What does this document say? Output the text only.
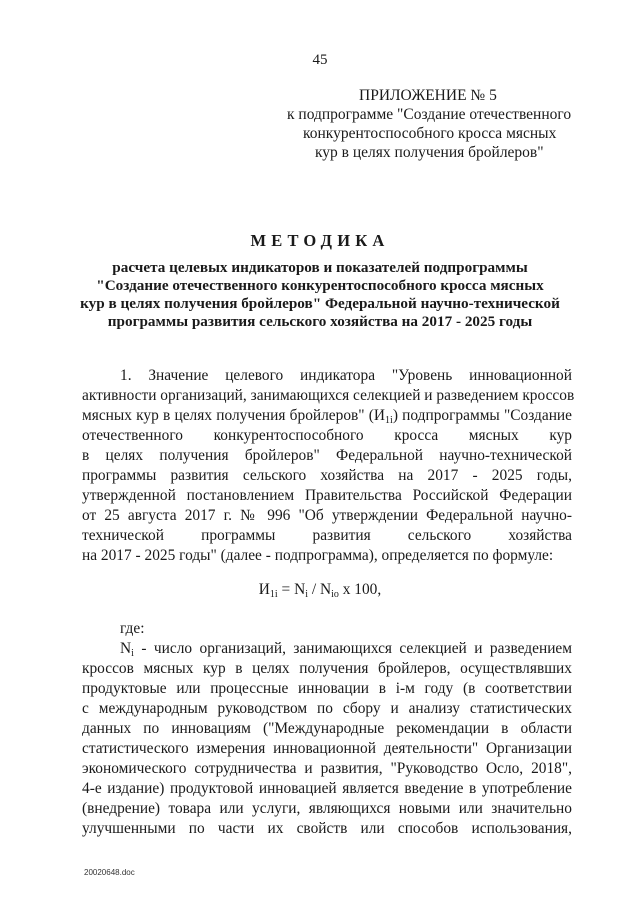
45
ПРИЛОЖЕНИЕ № 5
к подпрограмме "Создание отечественного
конкурентоспособного кросса мясных
кур в целях получения бройлеров"
МЕТОДИКА
расчета целевых индикаторов и показателей подпрограммы
"Создание отечественного конкурентоспособного кросса мясных
кур в целях получения бройлеров" Федеральной научно-технической
программы развития сельского хозяйства на 2017 - 2025 годы
1. Значение целевого индикатора "Уровень инновационной
активности организаций, занимающихся селекцией и разведением кроссов
мясных кур в целях получения бройлеров" $(И_{1i})$ подпрограммы "Создание
отечественного конкурентоспособного кросса мясных кур
в целях получения бройлеров" Федеральной научно-технической
программы развития сельского хозяйства на 2017 - 2025 годы,
утвержденной постановлением Правительства Российской Федерации
от 25 августа 2017 г. № 996 "Об утверждении Федеральной научно-
технической программы развития сельского хозяйства
на 2017 - 2025 годы" (далее - подпрограмма), определяется по формуле:
$И_{1i} = N_i / N_{io}$ x 100,
где:
$N_i$ - число организаций, занимающихся селекцией и разведением
кроссов мясных кур в целях получения бройлеров, осуществлявших
продуктовые или процессные инновации в i-м году (в соответствии
с международным руководством по сбору и анализу статистических
данных по инновациям ("Международные рекомендации в области
статистического измерения инновационной деятельности" Организации
экономического сотрудничества и развития, "Руководство Осло, 2018",
4-е издание) продуктовой инновацией является введение в употребление
(внедрение) товара или услуги, являющихся новыми или значительно
улучшенными по части их свойств или способов использования,
20020648.doc
